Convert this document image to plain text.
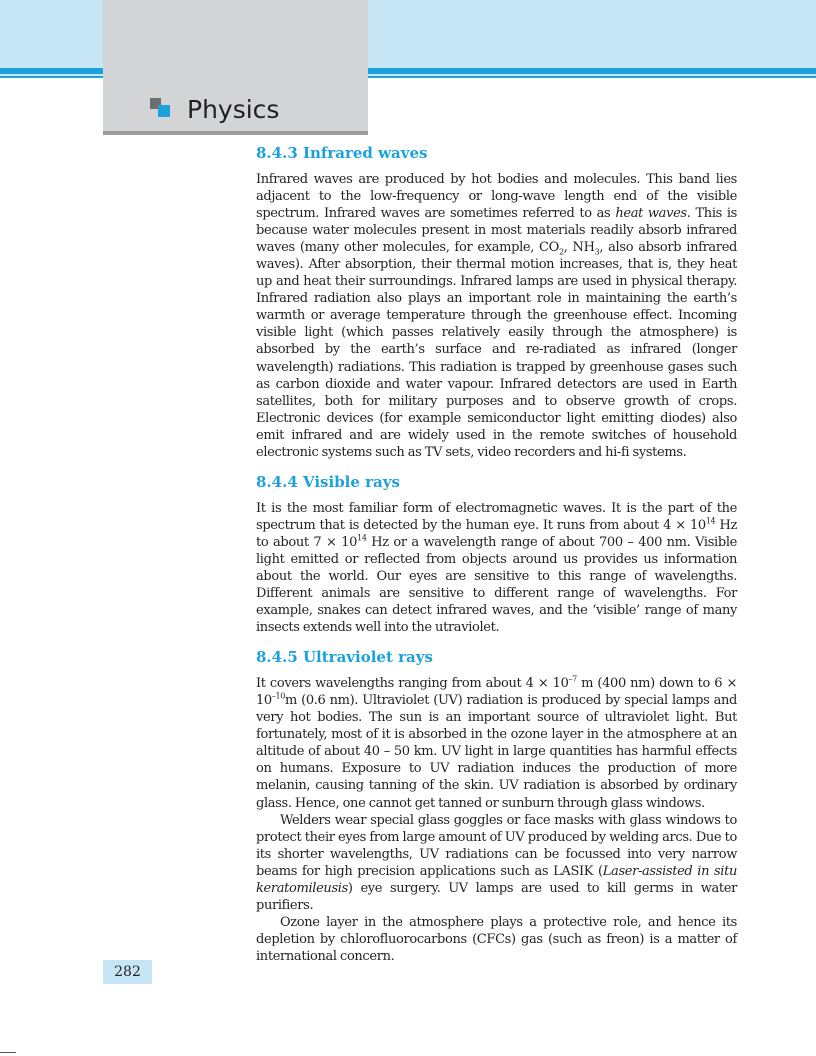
Physics
8.4.3 Infrared waves

Infrared waves are produced by hot bodies and molecules. This band lies adjacent to the low-frequency or long-wave length end of the visible spectrum. Infrared waves are sometimes referred to as heat waves. This is because water molecules present in most materials readily absorb infrared waves (many other molecules, for example, $CO_2$, $NH_3$, also absorb infrared waves). After absorption, their thermal motion increases, that is, they heat up and heat their surroundings. Infrared lamps are used in physical therapy. Infrared radiation also plays an important role in maintaining the earth’s warmth or average temperature through the greenhouse effect. Incoming visible light (which passes relatively easily through the atmosphere) is absorbed by the earth’s surface and re-radiated as infrared (longer wavelength) radiations. This radiation is trapped by greenhouse gases such as carbon dioxide and water vapour. Infrared detectors are used in Earth satellites, both for military purposes and to observe growth of crops. Electronic devices (for example semiconductor light emitting diodes) also emit infrared and are widely used in the remote switches of household electronic systems such as TV sets, video recorders and hi-fi systems.

8.4.4 Visible rays

It is the most familiar form of electromagnetic waves. It is the part of the spectrum that is detected by the human eye. It runs from about $4 \times 10^{14}$ Hz to about $7 \times 10^{14}$ Hz or a wavelength range of about 700 – 400 nm. Visible light emitted or reflected from objects around us provides us information about the world. Our eyes are sensitive to this range of wavelengths. Different animals are sensitive to different range of wavelengths. For example, snakes can detect infrared waves, and the ‘visible’ range of many insects extends well into the utraviolet.

8.4.5 Ultraviolet rays

It covers wavelengths ranging from about $4 \times 10^{-7}$ m (400 nm) down to $6 \times 10^{-10}m$ (0.6 nm). Ultraviolet (UV) radiation is produced by special lamps and very hot bodies. The sun is an important source of ultraviolet light. But fortunately, most of it is absorbed in the ozone layer in the atmosphere at an altitude of about 40 – 50 km. UV light in large quantities has harmful effects on humans. Exposure to UV radiation induces the production of more melanin, causing tanning of the skin. UV radiation is absorbed by ordinary glass. Hence, one cannot get tanned or sunburn through glass windows.

Welders wear special glass goggles or face masks with glass windows to protect their eyes from large amount of UV produced by welding arcs. Due to its shorter wavelengths, UV radiations can be focussed into very narrow beams for high precision applications such as LASIK (Laser-assisted in situ keratomileusis) eye surgery. UV lamps are used to kill germs in water purifiers.

Ozone layer in the atmosphere plays a protective role, and hence its depletion by chlorofluorocarbons (CFCs) gas (such as freon) is a matter of international concern.

282
